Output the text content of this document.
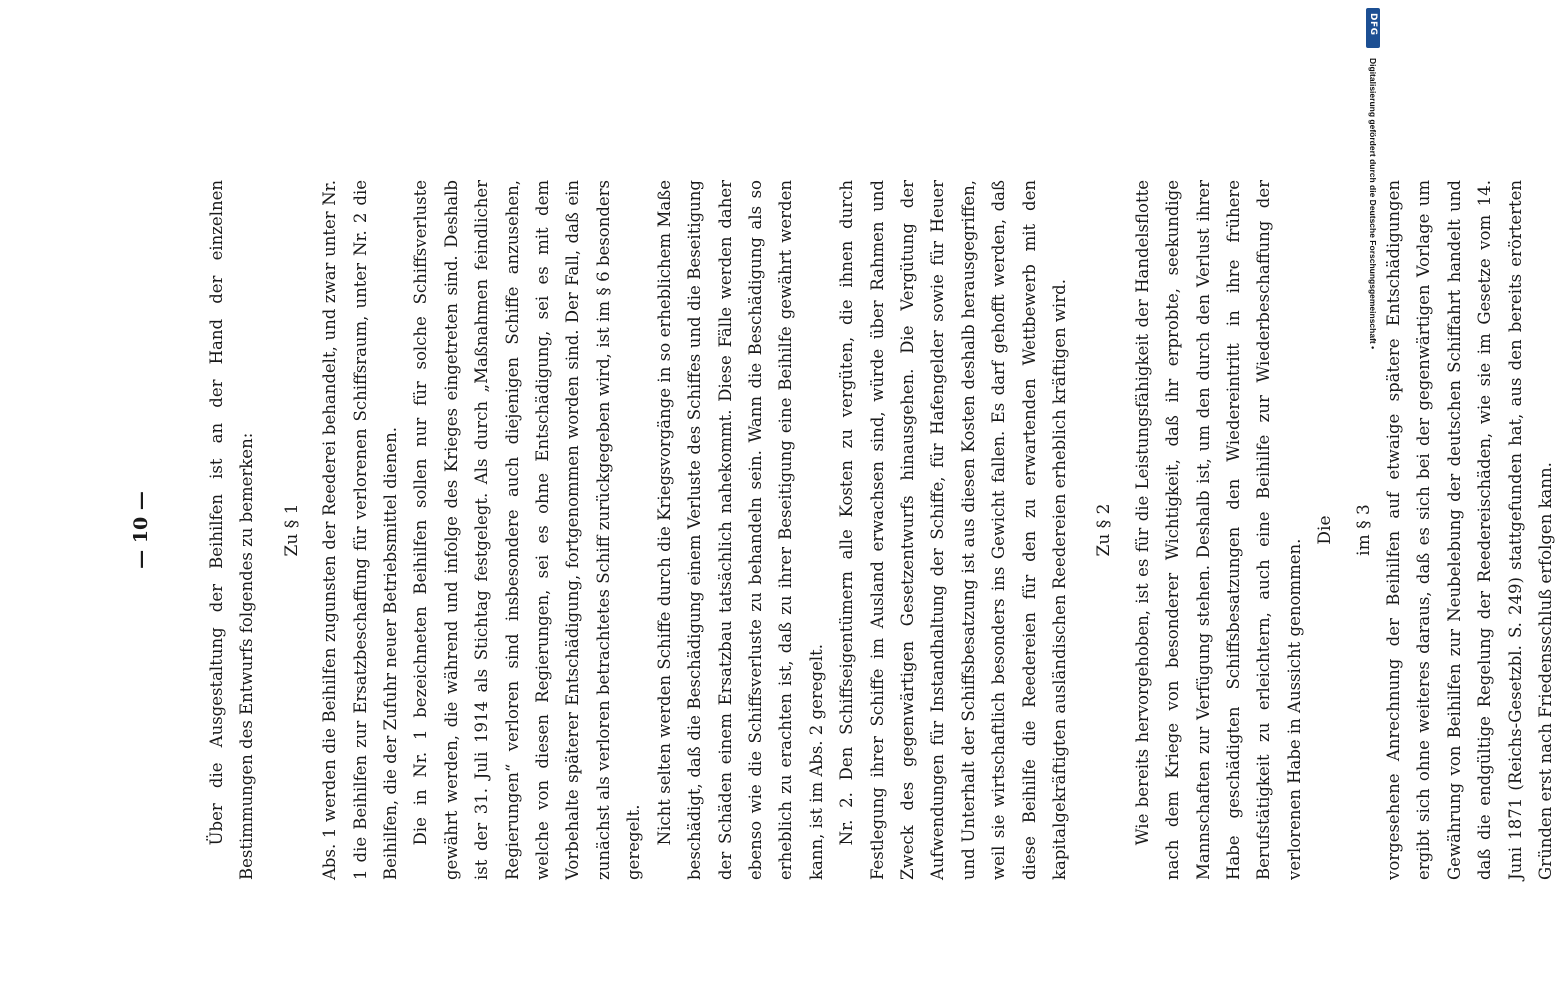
— 10 —	Über die Ausgestaltung der Beihilfen ist an der Hand der einzelnen Bestimmungen des Entwurfs folgendes zu bemerken:	Zu § 1	Abs. 1 werden die Beihilfen zugunsten der Reederei behandelt, und zwar unter Nr. 1 die Beihilfen zur Ersatzbeschaffung für verlorenen Schiffsraum, unter Nr. 2 die Beihilfen, die der Zufuhr neuer Betriebsmittel dienen. Die in Nr. 1 bezeichneten Beihilfen sollen nur für solche Schiffsverluste gewährt werden, die während und infolge des Krieges eingetreten sind. Deshalb ist der 31. Juli 1914 als Stichtag festgelegt. Als durch „Maßnahmen feindlicher Regierungen“ verloren sind insbesondere auch diejenigen Schiffe anzusehen, welche von diesen Regierungen, sei es ohne Entschädigung, sei es mit dem Vorbehalte späterer Entschädigung, fortgenommen worden sind. Der Fall, daß ein zunächst als verloren betrachtetes Schiff zurückgegeben wird, ist im § 6 besonders geregelt. Nicht selten werden Schiffe durch die Kriegsvorgänge in so erheblichem Maße beschädigt, daß die Beschädigung einem Verluste des Schiffes und die Beseitigung der Schäden einem Ersatzbau tatsächlich nahekommt. Diese Fälle werden daher ebenso wie die Schiffsverluste zu behandeln sein. Wann die Beschädigung als so erheblich zu erachten ist, daß zu ihrer Beseitigung eine Beihilfe gewährt werden kann, ist im Abs. 2 geregelt. Nr. 2. Den Schiffseigentümern alle Kosten zu vergüten, die ihnen durch Festlegung ihrer Schiffe im Ausland erwachsen sind, würde über Rahmen und Zweck des gegenwärtigen Gesetzentwurfs hinausgehen. Die Vergütung der Aufwendungen für Instandhaltung der Schiffe, für Hafengelder sowie für Heuer und Unterhalt der Schiffsbesatzung ist aus diesen Kosten deshalb herausgegriffen, weil sie wirtschaftlich besonders ins Gewicht fallen. Es darf gehofft werden, daß diese Beihilfe die Reedereien für den zu erwartenden Wettbewerb mit den kapitalgekräftigten ausländischen Reedereien erheblich kräftigen wird.	Zu § 2	Wie bereits hervorgehoben, ist es für die Leistungsfähigkeit der Handelsflotte nach dem Kriege von besonderer Wichtigkeit, daß ihr erprobte, seekundige Mannschaften zur Verfügung stehen. Deshalb ist, um den durch den Verlust ihrer Habe geschädigten Schiffsbesatzungen den Wiedereintritt in ihre frühere Berufstätigkeit zu erleichtern, auch eine Beihilfe zur Wiederbeschaffung der verlorenen Habe in Aussicht genommen.

Die	im § 3 vorgesehene Anrechnung der Beihilfen auf etwaige spätere Entschädigungen ergibt sich ohne weiteres daraus, daß es sich bei der gegenwärtigen Vorlage um Gewährung von Beihilfen zur Neubelebung der deutschen Schiffahrt handelt und daß die endgültige Regelung der Reedereischäden, wie sie im Gesetze vom 14. Juni 1871 (Reichs-Gesetzbl. S. 249) stattgefunden hat, aus den bereits erörterten Gründen erst nach Friedensschluß erfolgen kann.

DFG
Digitalisierung gefördert durch die Deutsche Forschungsgemeinschaft •
